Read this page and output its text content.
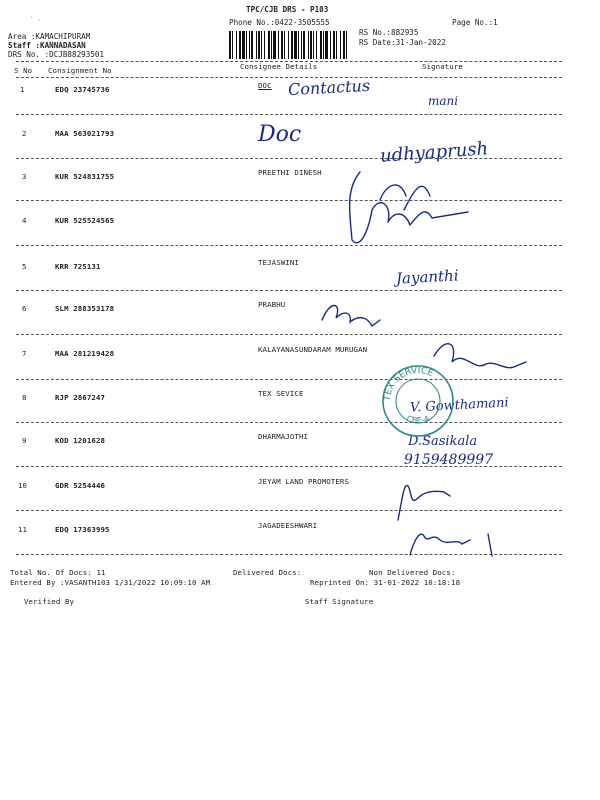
TPC/CJB DRS - P103
Phone No.:0422-3505555	Page No.:1
Area :KAMACHIPURAM
Staff :KANNADASAN
DRS No. :DCJB88293501
RS No.:882935
RS Date:31-Jan-2022
· ¸
S No Consignment No	Consignee Details	Signature
1	EDQ 23745736	DOC
2	MAA 563021793
3	KUR 524831755	PREETHI DINESH
4	KUR 525524565
5	KRR 725131	TEJASWINI
6	SLM 288353178	PRABHU
7	MAA 281219428	KALAYANASUNDARAM MURUGAN
8	RJP 2867247	TEX SEVICE
9	KOD 1201628	DHARMAJOTHI
10	GDR 5254446	JEYAM LAND PROMOTERS
11	EDQ 17363995	JAGADEESHWARI
Contactus
mani
Doc
udhyaprush
Jayanthi
V. Gowthamani
D.Sasikala
9159489997
TEX SERVICE
CBE-4
Total No. Of Docs: 11	Delivered Docs:	Non Delivered Docs:
Entered By :VASANTH103 1/31/2022 10:09:10 AM	Reprinted On: 31-01-2022 10:18:18
Verified By	Staff Signature
